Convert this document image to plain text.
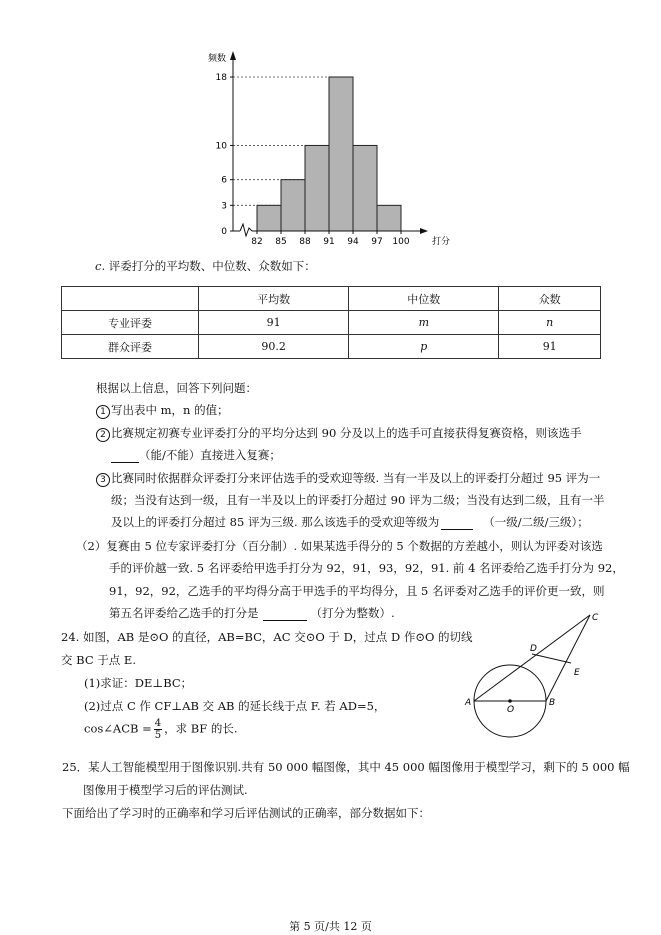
0
3
6
10
18
82 85 88 91 94 97 100
频数
打分
c. 评委打分的平均数、中位数、众数如下：
	平均数	中位数	众数
专业评委	91	m	n
群众评委	90.2	p	91
根据以上信息，回答下列问题：
1 写出表中 m，n 的值；
2 比赛规定初赛专业评委打分的平均分达到 90 分及以上的选手可直接获得复赛资格，则该选手
（能/不能）直接进入复赛；
3 比赛同时依据群众评委打分来评估选手的受欢迎等级. 当有一半及以上的评委打分超过 95 评为一
级；当没有达到一级，且有一半及以上的评委打分超过 90 评为二级；当没有达到二级，且有一半
及以上的评委打分超过 85 评为三级. 那么该选手的受欢迎等级为	（一级/二级/三级）；
（2）复赛由 5 位专家评委打分（百分制）. 如果某选手得分的 5 个数据的方差越小，则认为评委对该选
手的评价越一致. 5 名评委给甲选手打分为 92，91，93，92，91. 前 4 名评委给乙选手打分为 92，
91，92，92，乙选手的平均得分高于甲选手的平均得分，且 5 名评委对乙选手的评价更一致，则
第五名评委给乙选手的打分是	（打分为整数）.
24. 如图，AB 是⊙O 的直径，AB=BC，AC 交⊙O 于 D，过点 D 作⊙O 的切线
交 BC 于点 E.
(1)求证：DE⊥BC；
(2)过点 C 作 CF⊥AB 交 AB 的延长线于点 F. 若 AD=5，
cos∠ACB = $\frac{4}{5}$ ，求 BF 的长.
C
D
E
A
O
B
25．某人工智能模型用于图像识别.共有 50 000 幅图像，其中 45 000 幅图像用于模型学习，剩下的 5 000 幅
图像用于模型学习后的评估测试.
下面给出了学习时的正确率和学习后评估测试的正确率，部分数据如下：
第 5 页/共 12 页
